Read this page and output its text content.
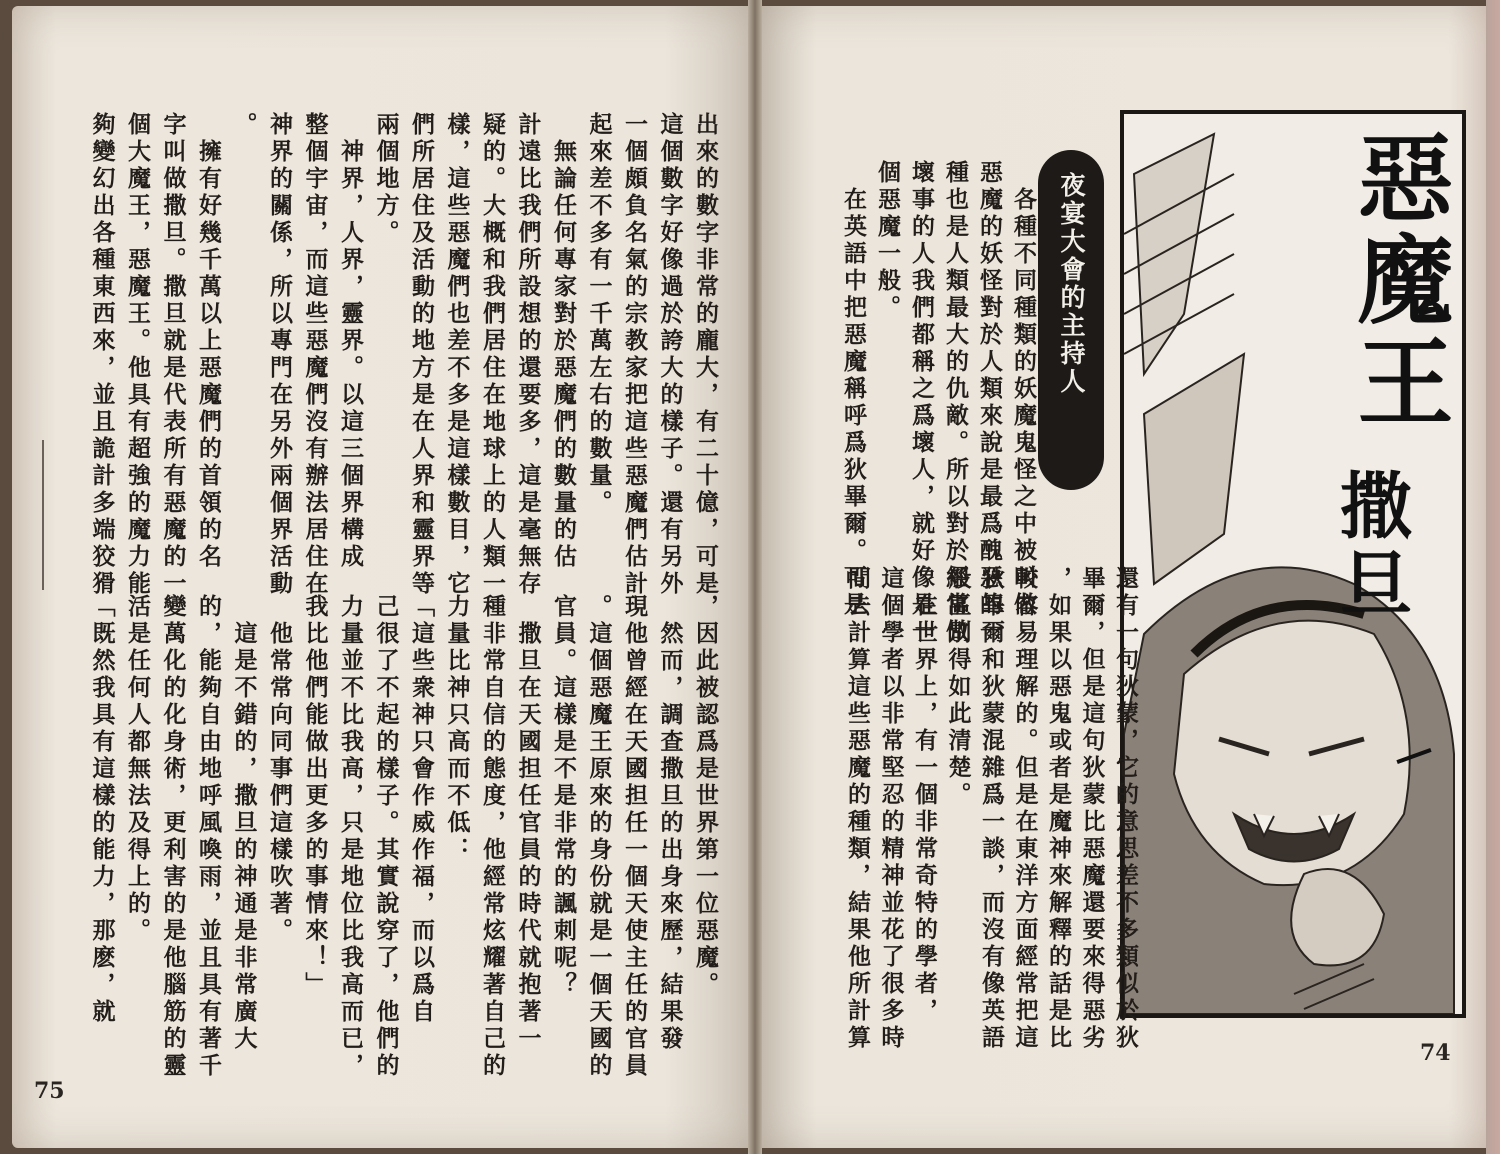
出來的數字非常的龐大，有二十億，可是
這個數字好像過於誇大的樣子。還有另外
一個頗負名氣的宗教家把這些惡魔們估計
起來差不多有一千萬左右的數量。
　無論任何專家對於惡魔們的數量的估
計遠比我們所設想的還要多，這是毫無存
疑的。大概和我們居住在地球上的人類一
樣，這些惡魔們也差不多是這樣數目，它
們所居住及活動的地方是在人界和靈界等
兩個地方。
　神界，人界，靈界。以這三個界構成
整個宇宙，而這些惡魔們沒有辦法居住在
神界的關係，所以專門在另外兩個界活動
。
　擁有好幾千萬以上惡魔們的首領的名
字叫做撒旦。撒旦就是代表所有惡魔的一
個大魔王，惡魔王。他具有超強的魔力能
夠變幻出各種東西來，並且詭計多端狡猾
，因此被認爲是世界第一位惡魔。
　然而，調查撒旦的出身來歷，結果發
現他曾經在天國担任一個天使主任的官員
。這個惡魔王原來的身份就是一個天國的
官員。這樣是不是非常的諷刺呢？
　撒旦在天國担任官員的時代就抱著一
種非常自信的態度，他經常炫耀著自己的
力量比神只高而不低：
「這些衆神只會作威作福，而以爲自
己很了不起的樣子。其實說穿了，他們的
力量並不比我高，只是地位比我高而已，
我比他們能做出更多的事情來！」
　他常常向同事們這樣吹著。
　這是不錯的，撒旦的神通是非常廣大
的，能夠自由地呼風喚雨，並且具有著千
變萬化的化身術，更利害的是他腦筋的靈
活是任何人都無法及得上的。
「既然我具有這樣的能力，那麽，就
75
惡魔王
撒旦
夜宴大會的主持人
　各種不同種類的妖魔鬼怪之中被叫做
惡魔的妖怪對於人類來說是最爲醜惡的一
種也是人類最大的仇敵。所以對於經常做
壞事的人我們都稱之爲壞人，就好像是一
個惡魔一般。
　在英語中把惡魔稱呼爲狄畢爾。可是
還有一句狄蒙，它的意思差不多類似於狄
畢爾，但是這句狄蒙比惡魔還要來得惡劣
，如果以惡鬼或者是魔神來解釋的話是比
較容易理解的。但是在東洋方面經常把這
狄畢爾和狄蒙混雜爲一談，而沒有像英語
般區別得如此清楚。
　在世界上，有一個非常奇特的學者，
這個學者以非常堅忍的精神並花了很多時
間去計算這些惡魔的種類，結果他所計算
74
